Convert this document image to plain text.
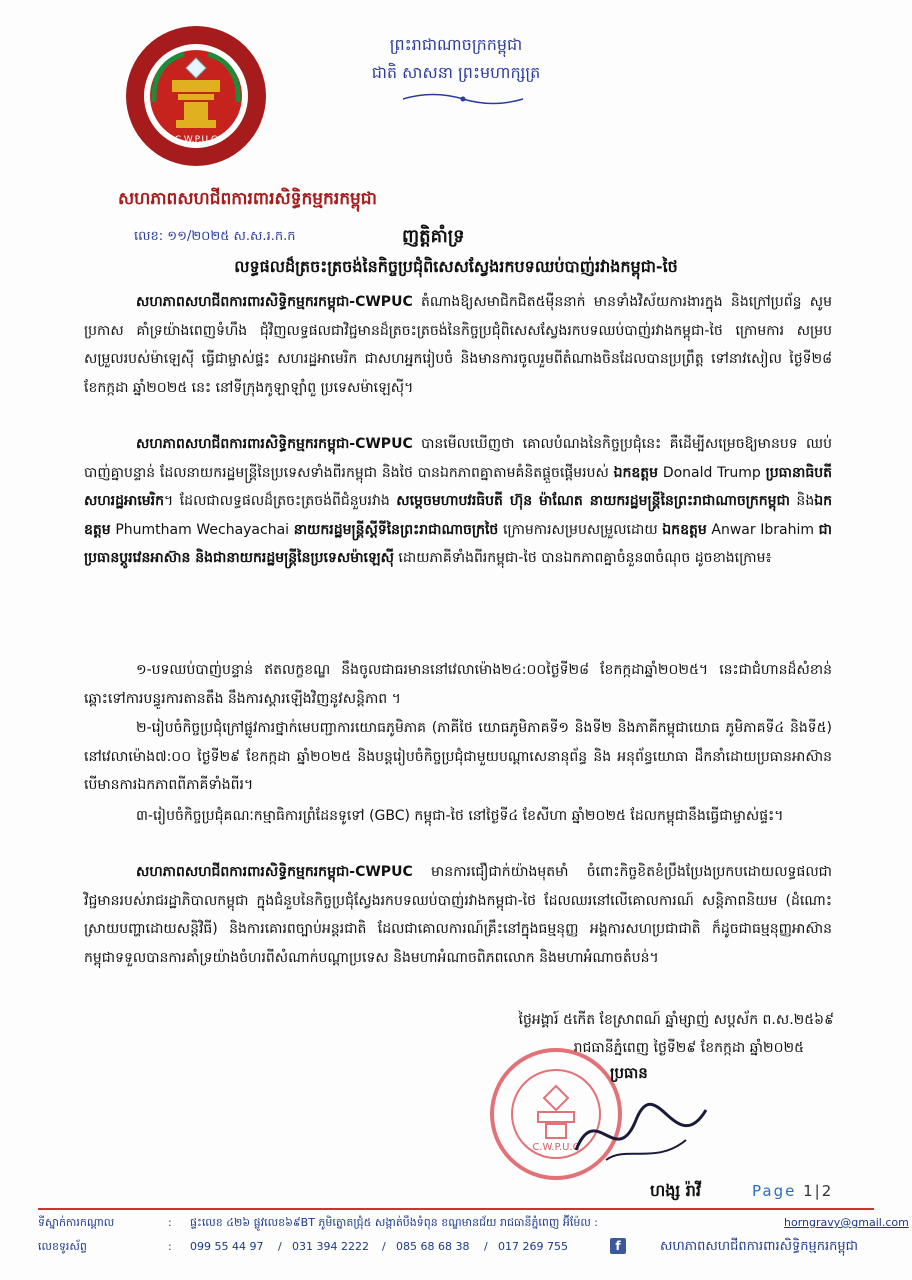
C.W.P.U.C
សហភាពសហជីពការពារសិទ្ធិកម្មករកម្ពុជា
ព្រះរាជាណាចក្រកម្ពុជា
ជាតិ សាសនា ព្រះមហាក្សត្រ
លេខ: ១១/២០២៥ ស.ស.រ.ក.ក	ញត្តិគាំទ្រ
លទ្ធផលដ៏ត្រចះត្រចង់នៃកិច្ចប្រជុំពិសេសស្វែងរកបទឈប់បាញ់រវាងកម្ពុជា-ថៃ
សហភាពសហជីពការពារសិទ្ធិកម្មករកម្ពុជា-CWPUC តំណាងឱ្យសមាជិកជិត៥ម៉ឺននាក់ មានទាំងវិស័យការងារក្នុង និងក្រៅប្រព័ន្ធ សូមប្រកាស គាំទ្រយ៉ាងពេញទំហឹង ជុំវិញលទ្ធផលជាវិជ្ជមានដ៏ត្រចះត្រចង់នៃកិច្ចប្រជុំពិសេសស្វែងរកបទឈប់បាញ់រវាងកម្ពុជា-ថៃ ក្រោមការ សម្របសម្រួលរបស់ម៉ាឡេស៊ី ធ្វើជាម្ចាស់ផ្ទះ សហរដ្ឋអាមេរិក ជាសហអ្នករៀបចំ និងមានការចូលរួមពីតំណាងចិនដែលបានប្រព្រឹត្ត ទៅនាវសៀល ថ្ងៃទី២៨ ខែកក្កដា ឆ្នាំ២០២៥ នេះ នៅទីក្រុងកូឡាឡាំពួ ប្រទេសម៉ាឡេស៊ី។
សហភាពសហជីពការពារសិទ្ធិកម្មករកម្ពុជា-CWPUC បានមើលឃើញថា គោលបំណងនៃកិច្ចប្រជុំនេះ គឺដើម្បីសម្រេចឱ្យមានបទ ឈប់បាញ់គ្នាបន្ទាន់ ដែលនាយករដ្ឋមន្ត្រីនៃប្រទេសទាំងពីរកម្ពុជា និងថៃ បានឯកភាពគ្នាតាមគំនិតផ្តួចផ្តើមរបស់ ឯកឧត្តម Donald Trump ប្រធានាធិបតីសហរដ្ឋអាមេរិក។ ដែលជាលទ្ធផលដ៏ត្រចះត្រចង់ពីជំនួបរវាង សម្តេចមហាបវរធិបតី ហ៊ុន ម៉ាណែត នាយករដ្ឋមន្ត្រីនៃព្រះរាជាណាចក្រកម្ពុជា និងឯកឧត្តម Phumtham Wechayachai នាយករដ្ឋមន្ត្រីស្តីទីនៃព្រះរាជាណាចក្រថៃ ក្រោមការសម្របសម្រួលដោយ ឯកឧត្តម Anwar Ibrahim ជាប្រធានប្តូរវេនអាស៊ាន និងជានាយករដ្ឋមន្ត្រីនៃប្រទេសម៉ាឡេស៊ី ដោយភាគីទាំងពីរកម្ពុជា-ថៃ បានឯកភាពគ្នាចំនួន៣ចំណុច ដូចខាងក្រោម៖
១-បទឈប់បាញ់បន្ទាន់ ឥតលក្ខខណ្ឌ នឹងចូលជាធរមាននៅវេលាម៉ោង២៤:០០ថ្ងៃទី២៨ ខែកក្កដាឆ្នាំ២០២៥។ នេះជាជំហានដ៏សំខាន់ ឆ្ពោះទៅការបន្ធូរការតានតឹង នឹងការស្តារឡើងវិញនូវសន្តិភាព ។
២-រៀបចំកិច្ចប្រជុំក្រៅផ្លូវការថ្នាក់មេបញ្ជាការយោធភូមិភាគ (ភាគីថៃ យោធភូមិភាគទី១ និងទី២ និងភាគីកម្ពុជាយោធ ភូមិភាគទី៤ និងទី៥) នៅវេលាម៉ោង៧:០០ ថ្ងៃទី២៩ ខែកក្កដា ឆ្នាំ២០២៥ និងបន្តរៀបចំកិច្ចប្រជុំជាមួយបណ្តាសេនានុព័ន្ធ និង អនុព័ន្ធយោធា ដឹកនាំដោយប្រធានអាស៊ាន បើមានការឯកភាពពីភាគីទាំងពីរ។
៣-រៀបចំកិច្ចប្រជុំគណៈកម្មាធិការព្រំដែនទូទៅ (GBC) កម្ពុជា-ថៃ នៅថ្ងៃទី៤ ខែសីហា ឆ្នាំ២០២៥ ដែលកម្ពុជានឹងធ្វើជាម្ចាស់ផ្ទះ។
សហភាពសហជីពការពារសិទ្ធិកម្មករកម្ពុជា-CWPUC មានការជឿជាក់យ៉ាងមុតមាំ ចំពោះកិច្ចខិតខំប្រឹងប្រែងប្រកបដោយលទ្ធផលជាវិជ្ជមានរបស់រាជរដ្ឋាភិបាលកម្ពុជា ក្នុងជំនួបនៃកិច្ចប្រជុំស្វែងរកបទឈប់បាញ់រវាងកម្ពុជា-ថៃ ដែលឈរនៅលើគោលការណ៍ សន្តិភាពនិយម (ដំណោះស្រាយបញ្ហាដោយសន្តិវិធី) និងការគោរពច្បាប់អន្តរជាតិ ដែលជាគោលការណ៍គ្រឹះនៅក្នុងធម្មនុញ្ញ អង្គការសហប្រជាជាតិ ក៏ដូចជាធម្មនុញ្ញអាស៊ាន កម្ពុជាទទួលបានការគាំទ្រយ៉ាងចំហរពីសំណាក់បណ្តាប្រទេស និងមហាអំណាចពិភពលោក និងមហាអំណាចតំបន់។
ថ្ងៃអង្គារ៍ ៥កើត ខែស្រាពណ៍ ឆ្នាំម្សាញ់ សប្តស័ក ព.ស.២៥៦៩
រាជធានីភ្នំពេញ ថ្ងៃទី២៩ ខែកក្កដា ឆ្នាំ២០២៥
C.W.P.U.C
ប្រធាន
ហង្ស រ៉ាវី	Page 1|2
ទីស្នាក់ការកណ្តាល	: ផ្ទះលេខ ៤២៦ ផ្លូវលេខ៦៩BT ភូមិត្នោតជ្រុំ៥ សង្កាត់បឹងទំពុន ខណ្ឌមានជ័យ រាជធានីភ្នំពេញ អ៊ីម៉ែល :	horngravy@gmail.com
លេខទូរស័ព្ទ	: 099 55 44 97 / 031 394 2222 / 085 68 68 38 / 017 269 755	f	សហភាពសហជីពការពារសិទ្ធិកម្មករកម្ពុជា
